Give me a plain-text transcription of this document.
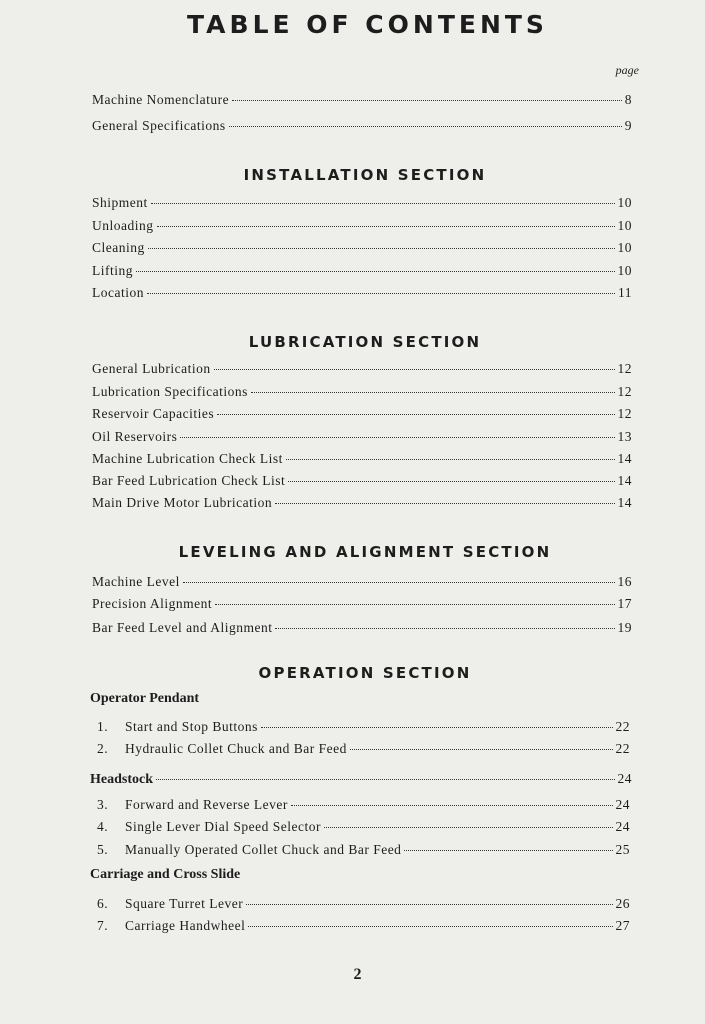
TABLE OF CONTENTS
page
Machine Nomenclature	8
General Specifications	9
INSTALLATION SECTION
Shipment	10
Unloading	10
Cleaning	10
Lifting	10
Location	11
LUBRICATION SECTION
General Lubrication	12
Lubrication Specifications	12
Reservoir Capacities	12
Oil Reservoirs	13
Machine Lubrication Check List	14
Bar Feed Lubrication Check List	14
Main Drive Motor Lubrication	14
LEVELING AND ALIGNMENT SECTION
Machine Level	16
Precision Alignment	17
Bar Feed Level and Alignment	19
OPERATION SECTION
Operator Pendant
1.	Start and Stop Buttons	22
2.	Hydraulic Collet Chuck and Bar Feed	22
Headstock	24
3.	Forward and Reverse Lever	24
4.	Single Lever Dial Speed Selector	24
5.	Manually Operated Collet Chuck and Bar Feed	25
Carriage and Cross Slide
6.	Square Turret Lever	26
7.	Carriage Handwheel	27
2
